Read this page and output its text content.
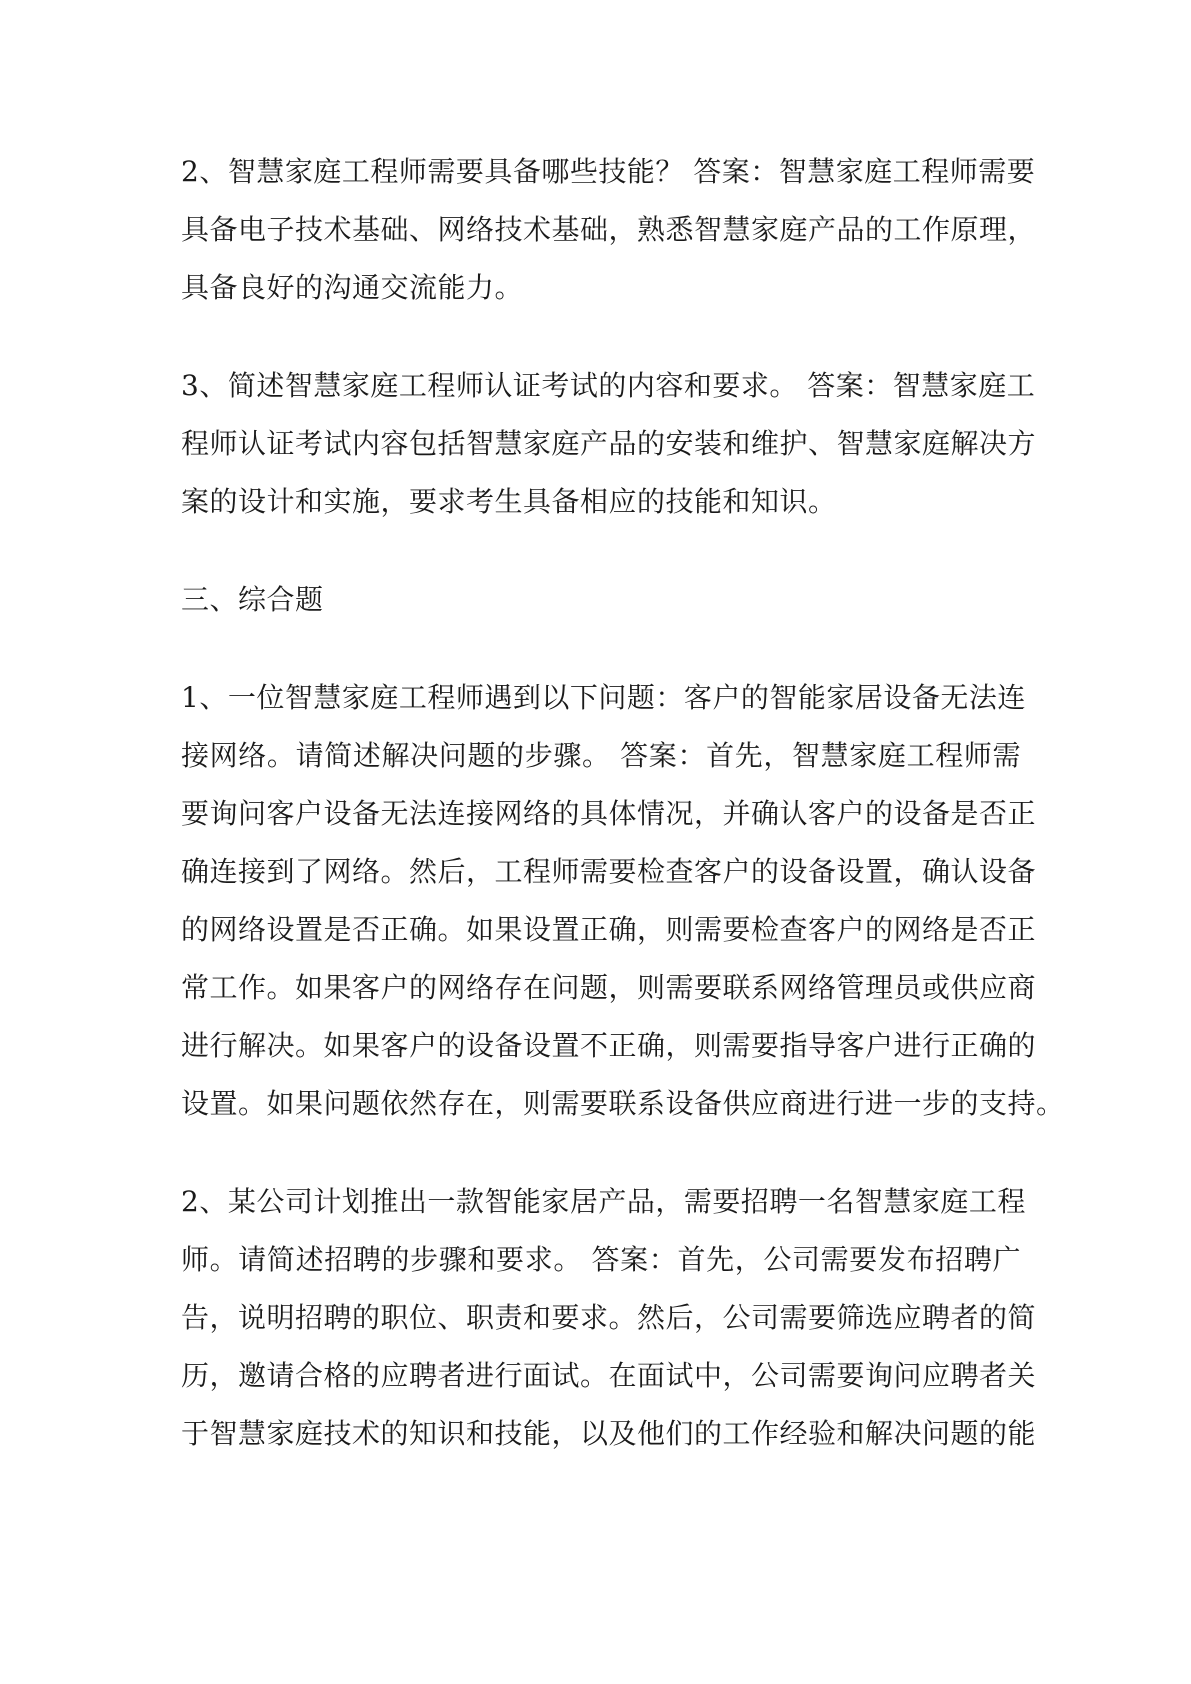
2、智慧家庭工程师需要具备哪些技能？ 答案：智慧家庭工程师需要
具备电子技术基础、网络技术基础，熟悉智慧家庭产品的工作原理，
具备良好的沟通交流能力。
3、简述智慧家庭工程师认证考试的内容和要求。 答案：智慧家庭工
程师认证考试内容包括智慧家庭产品的安装和维护、智慧家庭解决方
案的设计和实施，要求考生具备相应的技能和知识。
三、综合题
1、一位智慧家庭工程师遇到以下问题：客户的智能家居设备无法连
接网络。请简述解决问题的步骤。 答案：首先，智慧家庭工程师需
要询问客户设备无法连接网络的具体情况，并确认客户的设备是否正
确连接到了网络。然后，工程师需要检查客户的设备设置，确认设备
的网络设置是否正确。如果设置正确，则需要检查客户的网络是否正
常工作。如果客户的网络存在问题，则需要联系网络管理员或供应商
进行解决。如果客户的设备设置不正确，则需要指导客户进行正确的
设置。如果问题依然存在，则需要联系设备供应商进行进一步的支持。
2、某公司计划推出一款智能家居产品，需要招聘一名智慧家庭工程
师。请简述招聘的步骤和要求。 答案：首先，公司需要发布招聘广
告，说明招聘的职位、职责和要求。然后，公司需要筛选应聘者的简
历，邀请合格的应聘者进行面试。在面试中，公司需要询问应聘者关
于智慧家庭技术的知识和技能，以及他们的工作经验和解决问题的能
